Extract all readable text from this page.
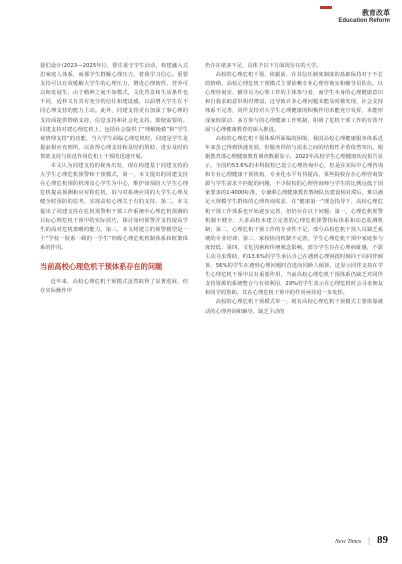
教育改革
Education Reform

我们设计(2023—2025年)》，要注重守学生活动，构建融入式思家庭人体系，而那学生群解心理压力，着我学习信心。重要支持可以有效缓解大学生的心理压力，增进心理韧性，营养可以和发展生，由于精神之间不如模式，文化背景和生活条件也不同，适样又有其有充分的信任和建设感，以前增大学生在不同心理支持的能力主动。此外，同建支持更有加深了事心理的支持面提供情绪支持，信息支持和社会化支持。即使需要的。同建支持对建心理危机上，包括社会提供了“理解挽救”和“学生视情理支持”的功能，当大学生面临心理危机时，同建是学生是提前相应直则所，以获得心理支持和及时的帮助，进步及时的帮助支持与防范作用危机上干预的迅速开展。

本文认为同建支持的视角出发，现在构建基于同建支持的大学生心理危机预警和干预模式，第一，本文提出的同建支持在心理危机预防机理及心学生为中心，维护如预防大学生心理危机提高预测和应对和危机，诉与对系统应同的大学生心理及健全时预防的思考，实现高校心理关于有的支持。第二，本文提出了同建支持在危机预警和干预工作系统中心理危机预测的目标心理危机干预中的实际技巧，探讨如何预警并支持提高学生的面对危机策略的能力。第三，本文将建立的预警模型是一个“学校一院系一级的一学生”四级心理危机机制体系和框架体系的作用。

当前高校心理危机干预体系存在的问题

近年来，高校心理危机干预模式虽然取得了显著进展，但在实际操作中

仍存在诸多不足，具体予以下方面现存在的大学。

高校的心理危机干预，依据前，在其信任制度制度的基础保持对于不长的情绪，高校心理危机干预模式主要依赖专业心理咨询室和辅导员队伍，以心理咨询室、辅导员为心理工作的主体参与者，而学生本身的心理健康意识和自我求助意识相对薄弱，这导致许多心理问题未能及时被发现，社会支持体系不完善，同伴支持对大学生心理健康的积极作用未能充分发挥，未能形成家校联动、多方参与的心理健康工作机制，阻碍了危机干预工作的有效开展与心理健康教育的深入推进。

高校的心理危机干预体系所面临的困境，我国高校心理健康服务体系近年来虽已得到快速发展，但服务供给与需求之间的结构性矛盾依然突出。根据教育部心理健康教育调查数据显示，2022年高校学生心理健康状况报告显示，全国约53.6%的本科院校已设立心理咨询中心，但是在实际中心理咨询和专业心理健康干预机构，专业化水平有待提高，某些院校存在心理咨询资源与学生需求不匹配的问题，不少院校的心理咨询师与学生的比例远低于国家要求的1∶4000标准，专兼职心理健康教育教师队伍建设相对滞后，难以满足大规模学生群体的心理咨询需求，在“健康第一”理念指导下，高校心理危机干预工作体系也开始逐步完善，但仍存在以下问题：第一，心理危机预警机制不健全，大多高校未建立完善的心理危机预警指标体系和动态监测机制；第二，心理危机干预工作的专业性不足，部分高校危机干预人员缺乏系统的专业培训；第三，家校协同机制不完善，学生心理危机干预中家庭参与度较低；第四，文化因素和传统观念影响，部分学生存在心理病耻感，不愿主动寻求帮助，约13.6%的学生承认自己在遇到心理困扰时倾向于向同伴倾诉，56%的学生在遇到心理问题时首选向同龄人倾诉，这显示同伴支持在学生心理危机干预中具有重要作用，当前高校心理危机干预体系仍缺乏对同伴支持资源的系统整合与有效利用，29%的学生表示在心理危机时会寻求朋友和同学的帮助，其在心理危机干预中的作用亟待进一步发挥。

高校的心理危机干预模式单一，现有高校心理危机干预模式主要依靠被动的心理咨询和辅导，缺乏主动的

New Times | 89
